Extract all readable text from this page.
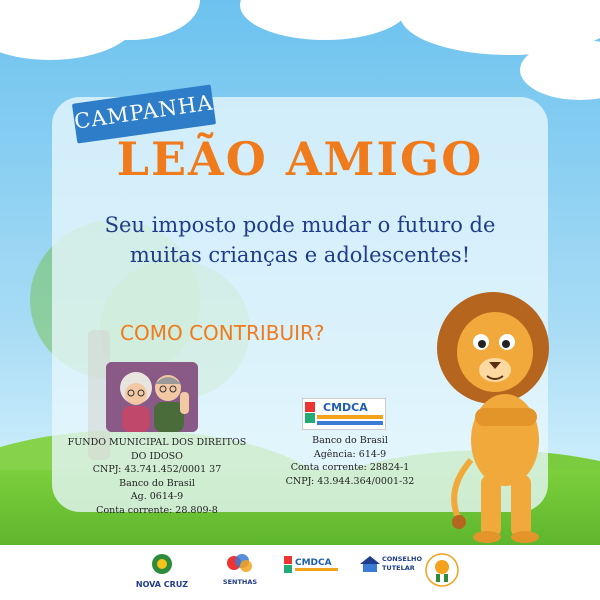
CAMPANHA
LEÃO AMIGO

Seu imposto pode mudar o futuro de
muitas crianças e adolescentes!

COMO CONTRIBUIR?

FUNDO MUNICIPAL DOS DIREITOS DO IDOSO
CNPJ: 43.741.452/0001 37
Banco do Brasil
Ag. 0614-9
Conta corrente: 28.809-8
CMDCA
Banco do Brasil
Agência: 614-9
Conta corrente: 28824-1
CNPJ: 43.944.364/0001-32
NOVA CRUZ	SENTHAS
CMDCA	CONSELHO
TUTELAR
